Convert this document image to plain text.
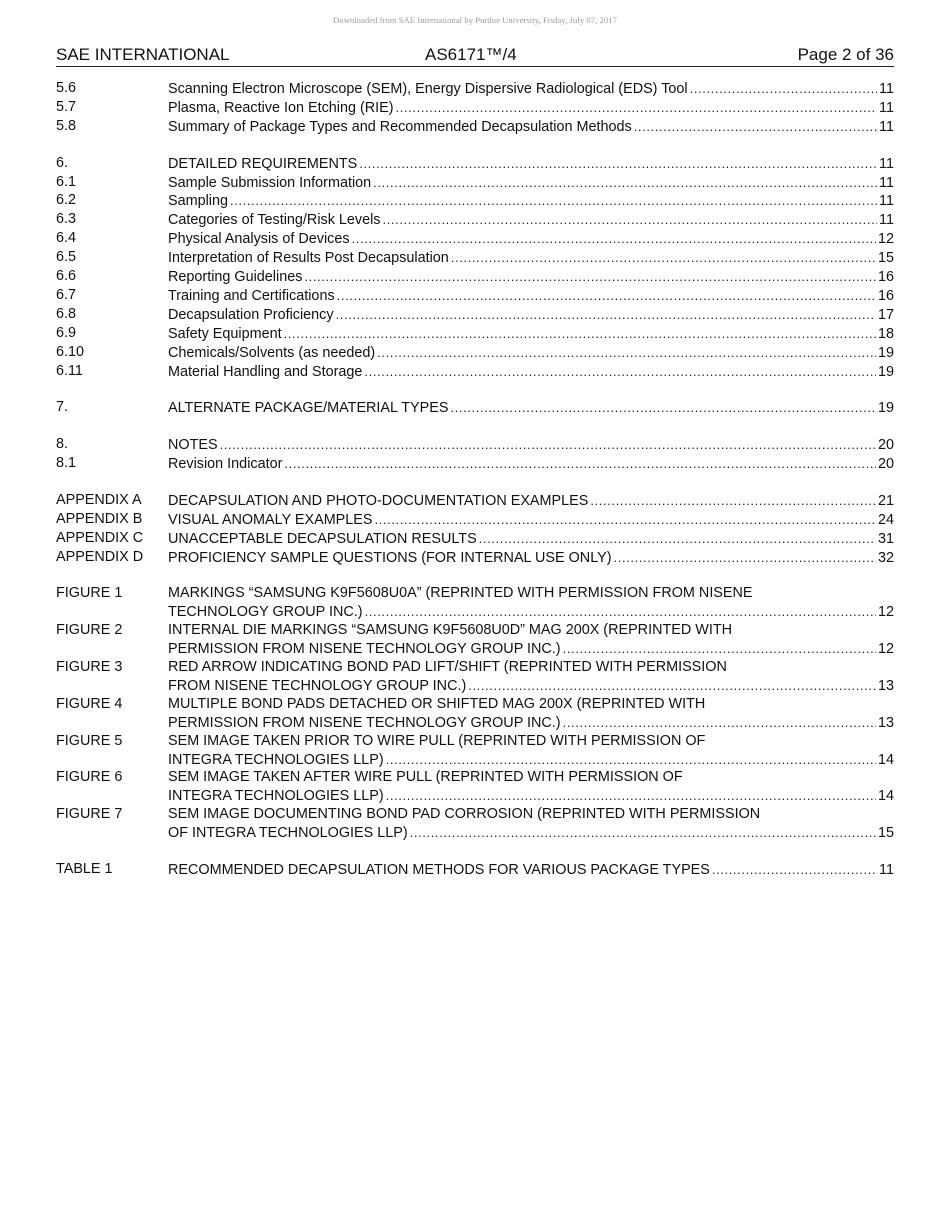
Downloaded from SAE International by Purdue University, Friday, July 07, 2017
SAE INTERNATIONAL	AS6171™/4	Page 2 of 36
5.6	Scanning Electron Microscope (SEM), Energy Dispersive Radiological (EDS) Tool .....	11
5.7	Plasma, Reactive Ion Etching (RIE) .....	11
5.8	Summary of Package Types and Recommended Decapsulation Methods .....	11
6.	DETAILED REQUIREMENTS .....	11
6.1	Sample Submission Information .....	11
6.2	Sampling .....	11
6.3	Categories of Testing/Risk Levels .....	11
6.4	Physical Analysis of Devices .....	12
6.5	Interpretation of Results Post Decapsulation .....	15
6.6	Reporting Guidelines .....	16
6.7	Training and Certifications .....	16
6.8	Decapsulation Proficiency .....	17
6.9	Safety Equipment .....	18
6.10	Chemicals/Solvents (as needed) .....	19
6.11	Material Handling and Storage .....	19
7.	ALTERNATE PACKAGE/MATERIAL TYPES .....	19
8.	NOTES .....	20
8.1	Revision Indicator .....	20
APPENDIX A	DECAPSULATION AND PHOTO-DOCUMENTATION EXAMPLES .....	21
APPENDIX B	VISUAL ANOMALY EXAMPLES .....	24
APPENDIX C	UNACCEPTABLE DECAPSULATION RESULTS .....	31
APPENDIX D	PROFICIENCY SAMPLE QUESTIONS (FOR INTERNAL USE ONLY) .....	32
FIGURE 1	MARKINGS “SAMSUNG K9F5608U0A” (REPRINTED WITH PERMISSION FROM NISENE
TECHNOLOGY GROUP INC.) .....	12
FIGURE 2	INTERNAL DIE MARKINGS “SAMSUNG K9F5608U0D” MAG 200X (REPRINTED WITH
PERMISSION FROM NISENE TECHNOLOGY GROUP INC.) .....	12
FIGURE 3	RED ARROW INDICATING BOND PAD LIFT/SHIFT (REPRINTED WITH PERMISSION
FROM NISENE TECHNOLOGY GROUP INC.) .....	13
FIGURE 4	MULTIPLE BOND PADS DETACHED OR SHIFTED MAG 200X (REPRINTED WITH
PERMISSION FROM NISENE TECHNOLOGY GROUP INC.) .....	13
FIGURE 5	SEM IMAGE TAKEN PRIOR TO WIRE PULL (REPRINTED WITH PERMISSION OF
INTEGRA TECHNOLOGIES LLP) .....	14
FIGURE 6	SEM IMAGE TAKEN AFTER WIRE PULL (REPRINTED WITH PERMISSION OF
INTEGRA TECHNOLOGIES LLP) .....	14
FIGURE 7	SEM IMAGE DOCUMENTING BOND PAD CORROSION (REPRINTED WITH PERMISSION
OF INTEGRA TECHNOLOGIES LLP) .....	15
TABLE 1	RECOMMENDED DECAPSULATION METHODS FOR VARIOUS PACKAGE TYPES .....	11
